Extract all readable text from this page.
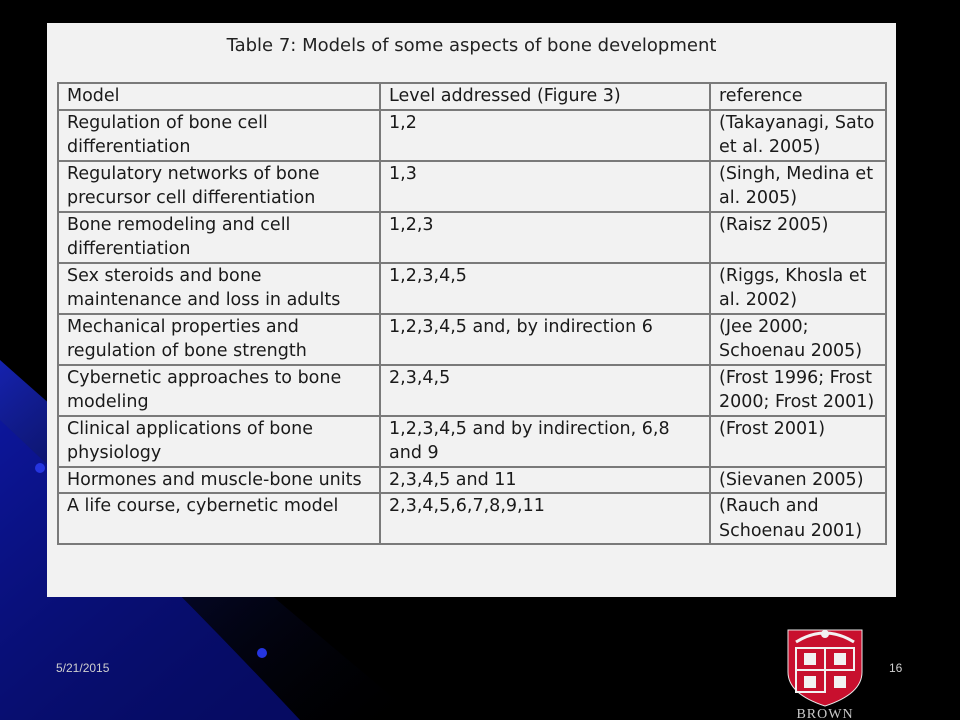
Table 7: Models of some aspects of bone development
Model	Level addressed (Figure 3)	reference
Regulation of bone cell differentiation	1,2	(Takayanagi, Sato et al. 2005)
Regulatory networks of bone precursor cell differentiation	1,3	(Singh, Medina et al. 2005)
Bone remodeling and cell differentiation	1,2,3	(Raisz 2005)
Sex steroids and bone maintenance and loss in adults	1,2,3,4,5	(Riggs, Khosla et al. 2002)
Mechanical properties and regulation of bone strength	1,2,3,4,5 and, by indirection 6	(Jee 2000; Schoenau 2005)
Cybernetic approaches to bone modeling	2,3,4,5	(Frost 1996; Frost 2000; Frost 2001)
Clinical applications of bone physiology	1,2,3,4,5 and by indirection, 6,8 and 9	(Frost 2001)
Hormones and muscle-bone units	2,3,4,5 and 11	(Sievanen 2005)
A life course, cybernetic model	2,3,4,5,6,7,8,9,11	(Rauch and Schoenau 2001)
5/21/2015	16
BROWN
